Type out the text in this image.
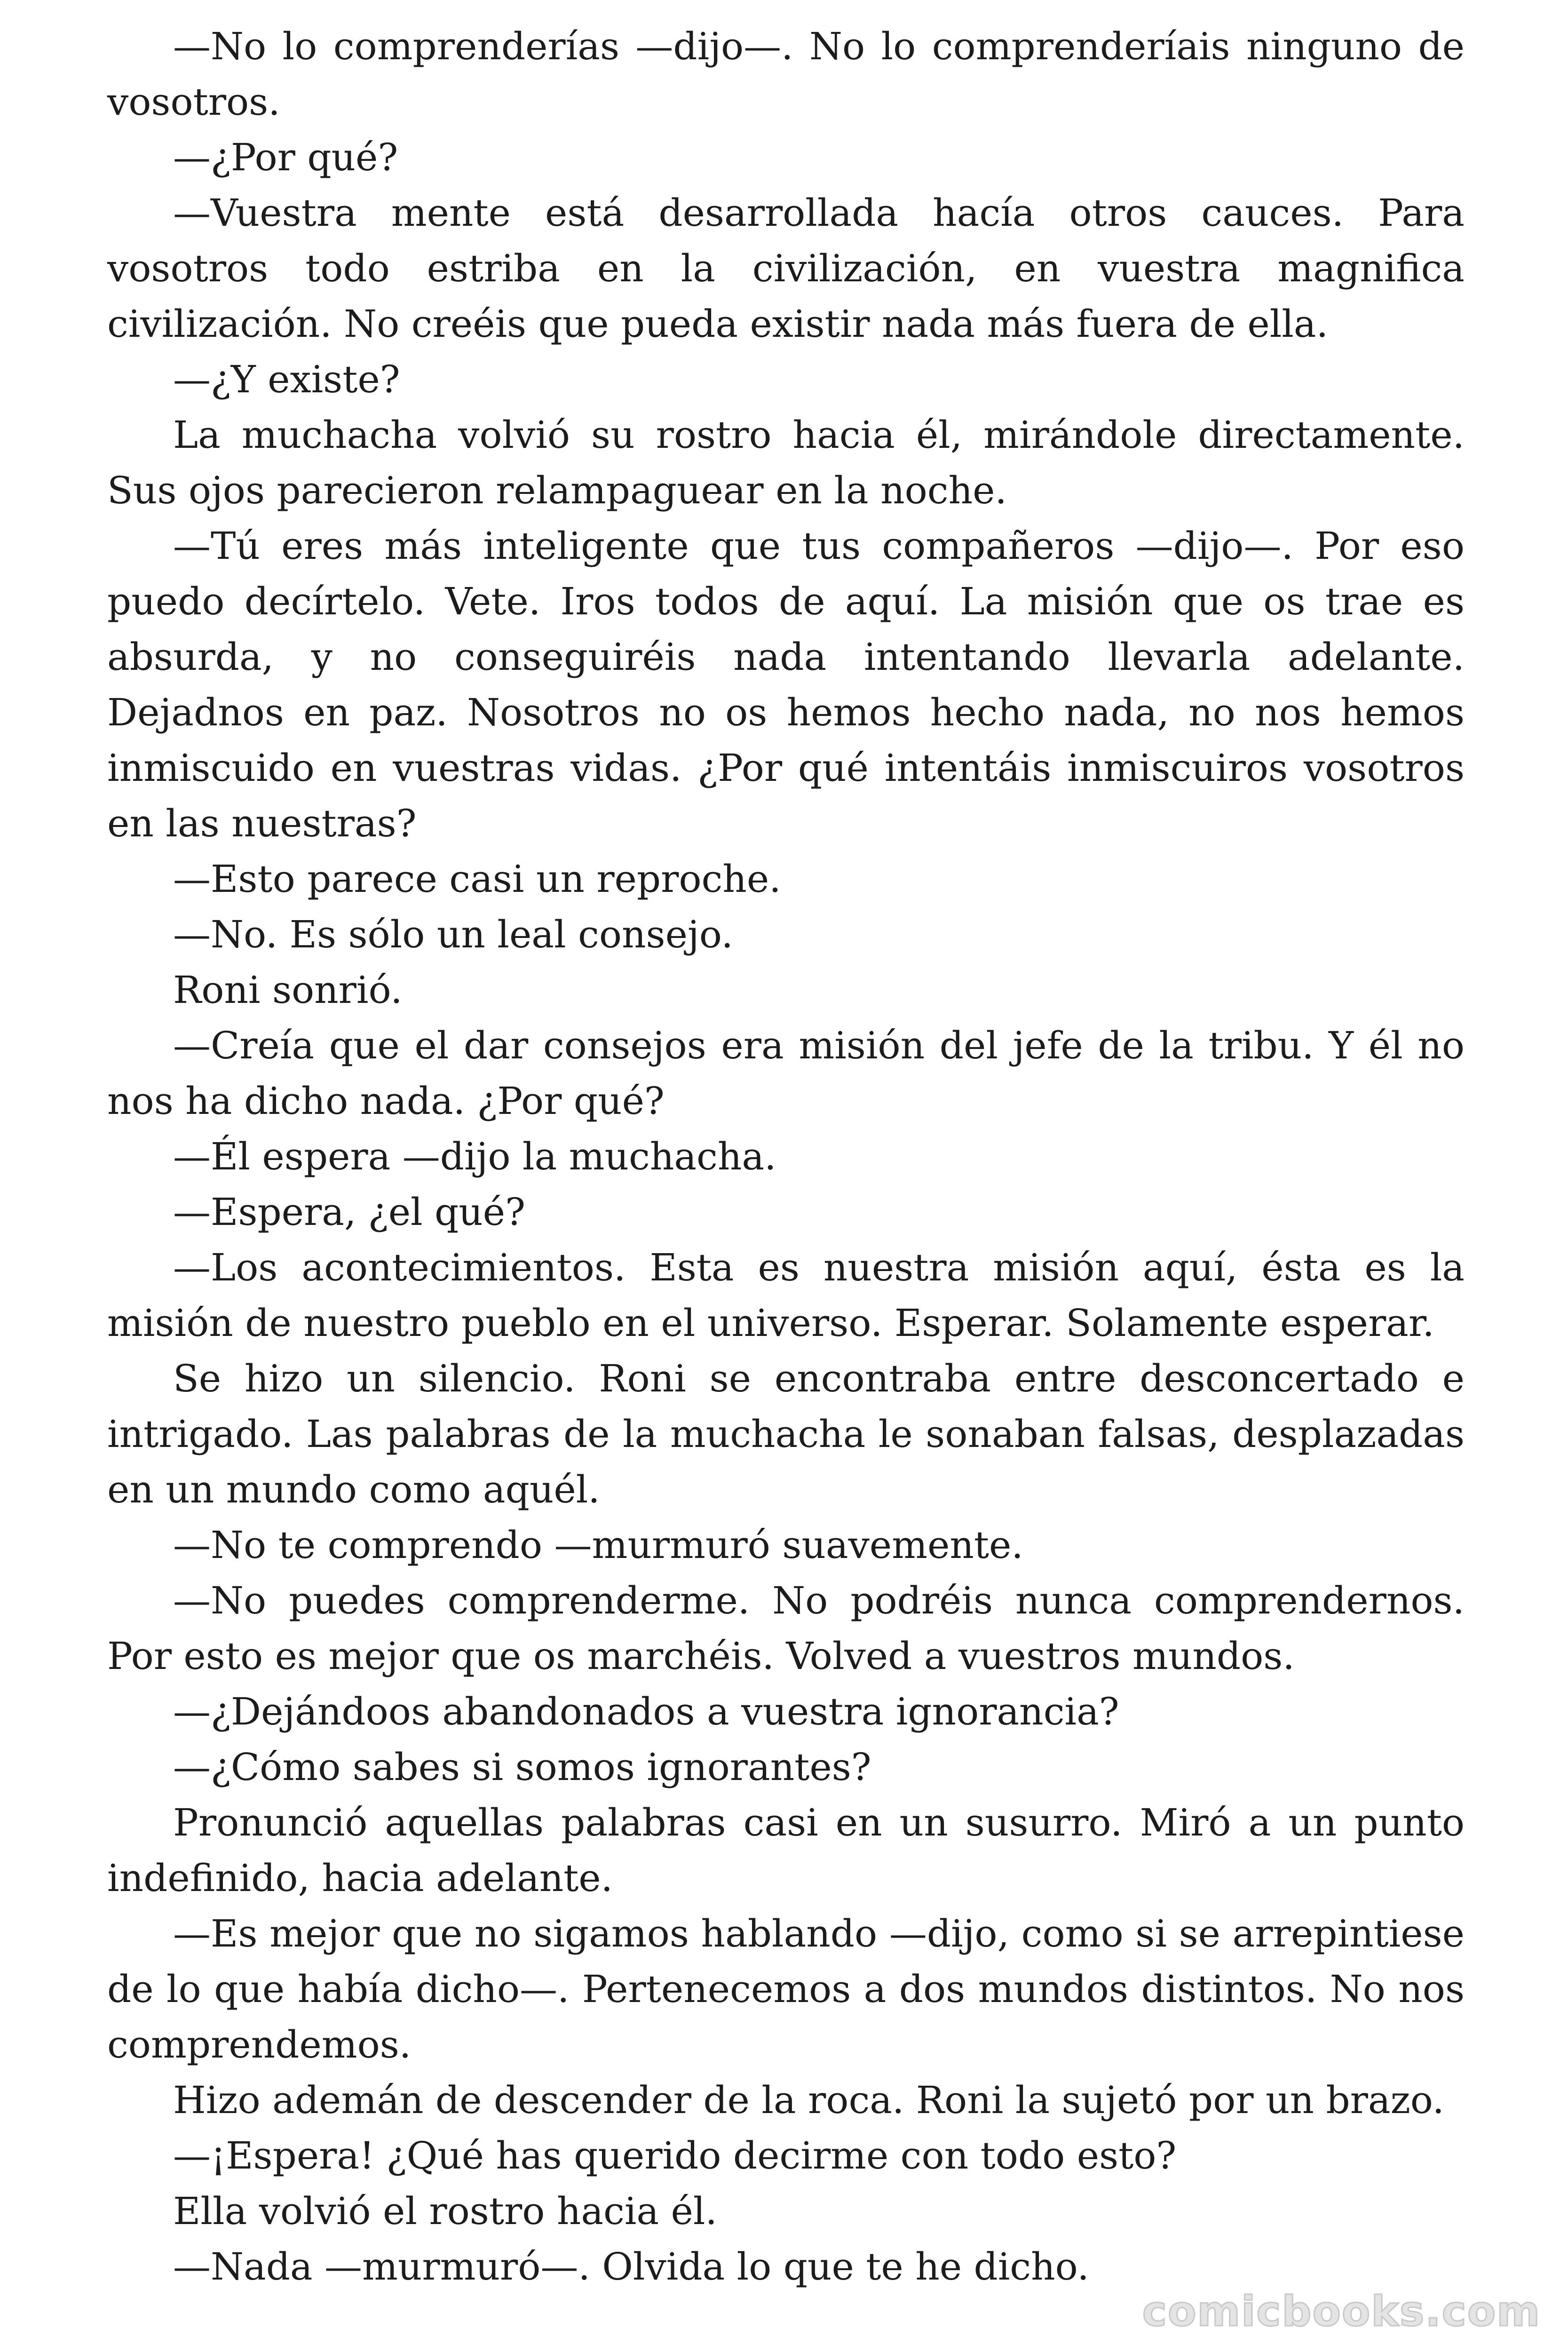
—No lo comprenderías —dijo—. No lo comprenderíais ninguno de vosotros.

—¿Por qué?

—Vuestra mente está desarrollada hacía otros cauces. Para vosotros todo estriba en la civilización, en vuestra magnifica civilización. No creéis que pueda existir nada más fuera de ella.

—¿Y existe?

La muchacha volvió su rostro hacia él, mirándole directamente. Sus ojos parecieron relampaguear en la noche.

—Tú eres más inteligente que tus compañeros —dijo—. Por eso puedo decírtelo. Vete. Iros todos de aquí. La misión que os trae es absurda, y no conseguiréis nada intentando llevarla adelante. Dejadnos en paz. Nosotros no os hemos hecho nada, no nos hemos inmiscuido en vuestras vidas. ¿Por qué intentáis inmiscuiros vosotros en las nuestras?

—Esto parece casi un reproche.

—No. Es sólo un leal consejo.

Roni sonrió.

—Creía que el dar consejos era misión del jefe de la tribu. Y él no nos ha dicho nada. ¿Por qué?

—Él espera —dijo la muchacha.

—Espera, ¿el qué?

—Los acontecimientos. Esta es nuestra misión aquí, ésta es la misión de nuestro pueblo en el universo. Esperar. Solamente esperar.

Se hizo un silencio. Roni se encontraba entre desconcertado e intrigado. Las palabras de la muchacha le sonaban falsas, desplazadas en un mundo como aquél.

—No te comprendo —murmuró suavemente.

—No puedes comprenderme. No podréis nunca comprendernos. Por esto es mejor que os marchéis. Volved a vuestros mundos.

—¿Dejándoos abandonados a vuestra ignorancia?

—¿Cómo sabes si somos ignorantes?

Pronunció aquellas palabras casi en un susurro. Miró a un punto indefinido, hacia adelante.

—Es mejor que no sigamos hablando —dijo, como si se arrepintiese de lo que había dicho—. Pertenecemos a dos mundos distintos. No nos comprendemos.

Hizo ademán de descender de la roca. Roni la sujetó por un brazo.

—¡Espera! ¿Qué has querido decirme con todo esto?

Ella volvió el rostro hacia él.

—Nada —murmuró—. Olvida lo que te he dicho.

comicbooks.com
